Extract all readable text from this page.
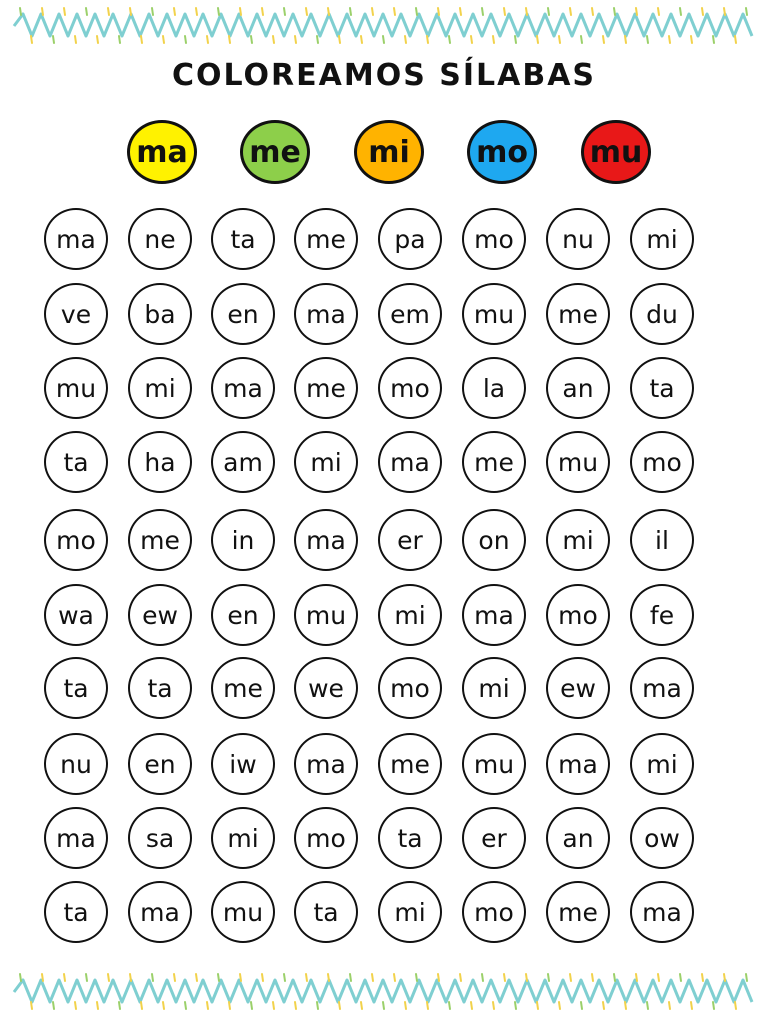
COLOREAMOS SÍLABAS
ma me mi mo mu
ma	ne	ta	me	pa	mo	nu	mi
ve	ba	en	ma	em	mu	me	du
mu	mi	ma	me	mo	la	an	ta
ta	ha	am	mi	ma	me	mu	mo
mo	me	in	ma	er	on	mi	il
wa	ew	en	mu	mi	ma	mo	fe
ta	ta	me	we	mo	mi	ew	ma
nu	en	iw	ma	me	mu	ma	mi
ma	sa	mi	mo	ta	er	an	ow
ta	ma	mu	ta	mi	mo	me	ma
